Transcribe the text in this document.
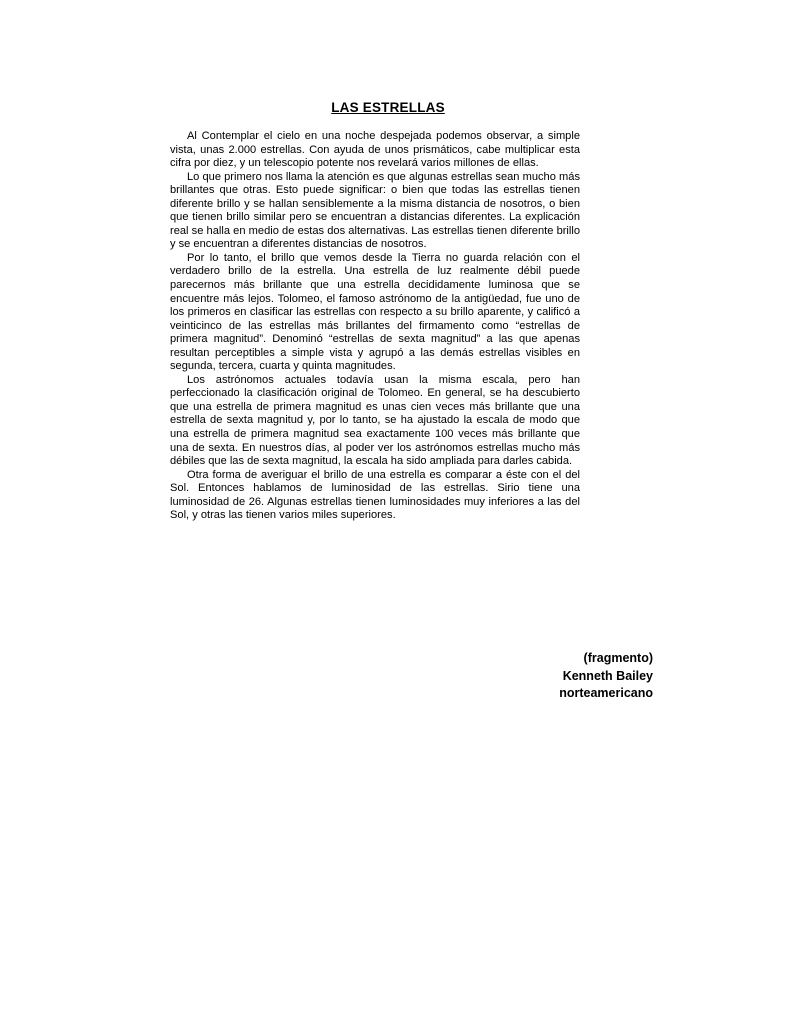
LAS ESTRELLAS

Al Contemplar el cielo en una noche despejada podemos observar, a simple vista, unas 2.000 estrellas. Con ayuda de unos prismáticos, cabe multiplicar esta cifra por diez, y un telescopio potente nos revelará varios millones de ellas.

Lo que primero nos llama la atención es que algunas estrellas sean mucho más brillantes que otras. Esto puede significar: o bien que todas las estrellas tienen diferente brillo y se hallan sensiblemente a la misma distancia de nosotros, o bien que tienen brillo similar pero se encuentran a distancias diferentes. La explicación real se halla en medio de estas dos alternativas. Las estrellas tienen diferente brillo y se encuentran a diferentes distancias de nosotros.

Por lo tanto, el brillo que vemos desde la Tierra no guarda relación con el verdadero brillo de la estrella. Una estrella de luz realmente débil puede parecernos más brillante que una estrella decididamente luminosa que se encuentre más lejos. Tolomeo, el famoso astrónomo de la antigüedad, fue uno de los primeros en clasificar las estrellas con respecto a su brillo aparente, y calificó a veinticinco de las estrellas más brillantes del firmamento como “estrellas de primera magnitud”. Denominó “estrellas de sexta magnitud” a las que apenas resultan perceptibles a simple vista y agrupó a las demás estrellas visibles en segunda, tercera, cuarta y quinta magnitudes.

Los astrónomos actuales todavía usan la misma escala, pero han perfeccionado la clasificación original de Tolomeo. En general, se ha descubierto que una estrella de primera magnitud es unas cien veces más brillante que una estrella de sexta magnitud y, por lo tanto, se ha ajustado la escala de modo que una estrella de primera magnitud sea exactamente 100 veces más brillante que una de sexta. En nuestros días, al poder ver los astrónomos estrellas mucho más débiles que las de sexta magnitud, la escala ha sido ampliada para darles cabida.

Otra forma de averiguar el brillo de una estrella es comparar a éste con el del Sol. Entonces hablamos de luminosidad de las estrellas. Sirio tiene una luminosidad de 26. Algunas estrellas tienen luminosidades muy inferiores a las del Sol, y otras las tienen varios miles superiores.

(fragmento)
Kenneth Bailey
norteamericano
